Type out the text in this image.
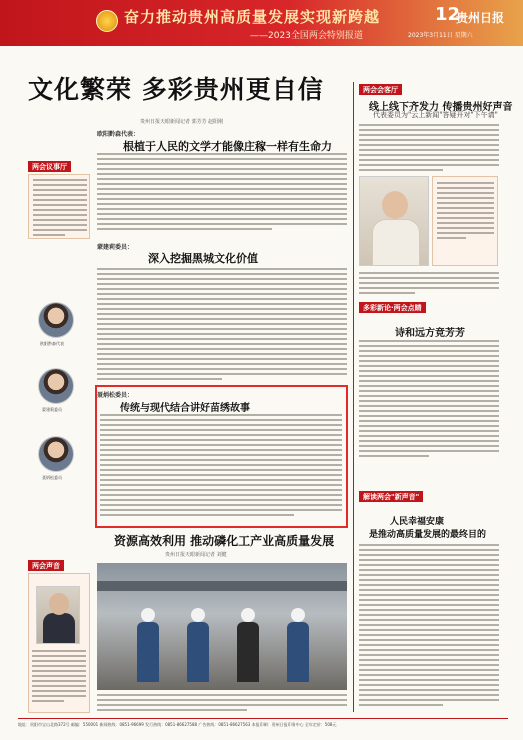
奋力推动贵州高质量发展实现新跨越
——2023全国两会特别报道
12
贵州日报
2023年3月11日 星期六
文化繁荣 多彩贵州更自信
贵州日报天眼新闻记者 郭芳芳 赵阳刚
欧阳黔森代表：
根植于人民的文学才能像庄稼一样有生命力
两会议事厅
蒙建莉委员：
深入挖掘黑城文化价值
欧阳黔森代表
蒙建莉委员
聂炳松委员
聂炳松委员：
传统与现代结合讲好苗绣故事
资源高效利用 推动磷化工产业高质量发展
贵州日报天眼新闻记者 刘健
两会声音
两会会客厅
线上线下齐发力 传播贵州好声音
代表委员为"云上新闻"答疑开对"下午请"
多彩新论·两会点睛
诗和远方竞芳芳
解读两会"新声音"
人民幸福安康
是推动高质量发展的最终目的
地址：贵阳市宝山北路372号 邮编：550001 新闻热线：0851-96699 发行热线：0851-86627588 广告热线：0851-86627563 本报印刷：贵州日报印务中心 全年定价：508元
